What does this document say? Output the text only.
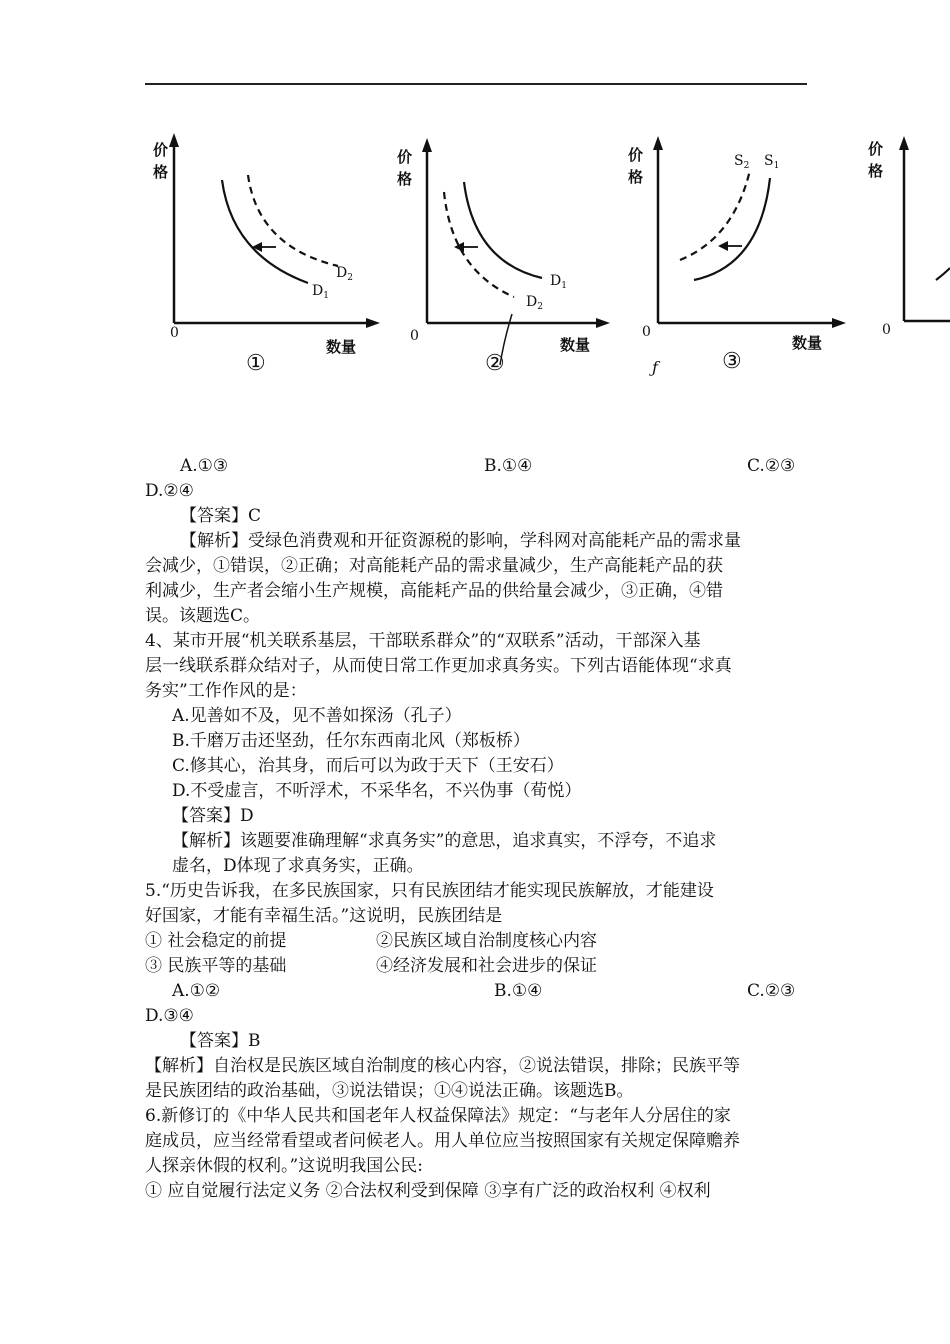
价
格
0
数量
$D_1$
$D_2$
①
价
格
0	数量
$D_1$
$D_2$
②
价
格
0
数量
$S_2$ $S_1$
ƒ	③
价
格
0
A.①③	B.①④	C.②③
D.②④
【答案】C
【解析】受绿色消费观和开征资源税的影响，学科网对高能耗产品的需求量
会减少，①错误，②正确；对高能耗产品的需求量减少，生产高能耗产品的获
利减少，生产者会缩小生产规模，高能耗产品的供给量会减少，③正确，④错
误。该题选C。
4、某市开展“机关联系基层，干部联系群众”的“双联系”活动，干部深入基
层一线联系群众结对子，从而使日常工作更加求真务实。下列古语能体现“求真
务实”工作作风的是：
A.见善如不及，见不善如探汤（孔子）
B.千磨万击还坚劲，任尔东西南北风（郑板桥）
C.修其心，治其身，而后可以为政于天下（王安石）
D.不受虚言，不听浮术，不采华名，不兴伪事（荀悦）
【答案】D
【解析】该题要准确理解“求真务实”的意思，追求真实，不浮夸，不追求
虚名，D体现了求真务实，正确。
5.“历史告诉我，在多民族国家，只有民族团结才能实现民族解放，才能建设
好国家，才能有幸福生活。”这说明，民族团结是
① 社会稳定的前提	②民族区域自治制度核心内容
③ 民族平等的基础	④经济发展和社会进步的保证
A.①②	B.①④	C.②③
D.③④
【答案】B
【解析】自治权是民族区域自治制度的核心内容，②说法错误，排除；民族平等
是民族团结的政治基础，③说法错误；①④说法正确。该题选B。
6.新修订的《中华人民共和国老年人权益保障法》规定：“与老年人分居住的家
庭成员，应当经常看望或者问候老人。用人单位应当按照国家有关规定保障赡养
人探亲休假的权利。”这说明我国公民:
① 应自觉履行法定义务 ②合法权利受到保障 ③享有广泛的政治权利 ④权利
